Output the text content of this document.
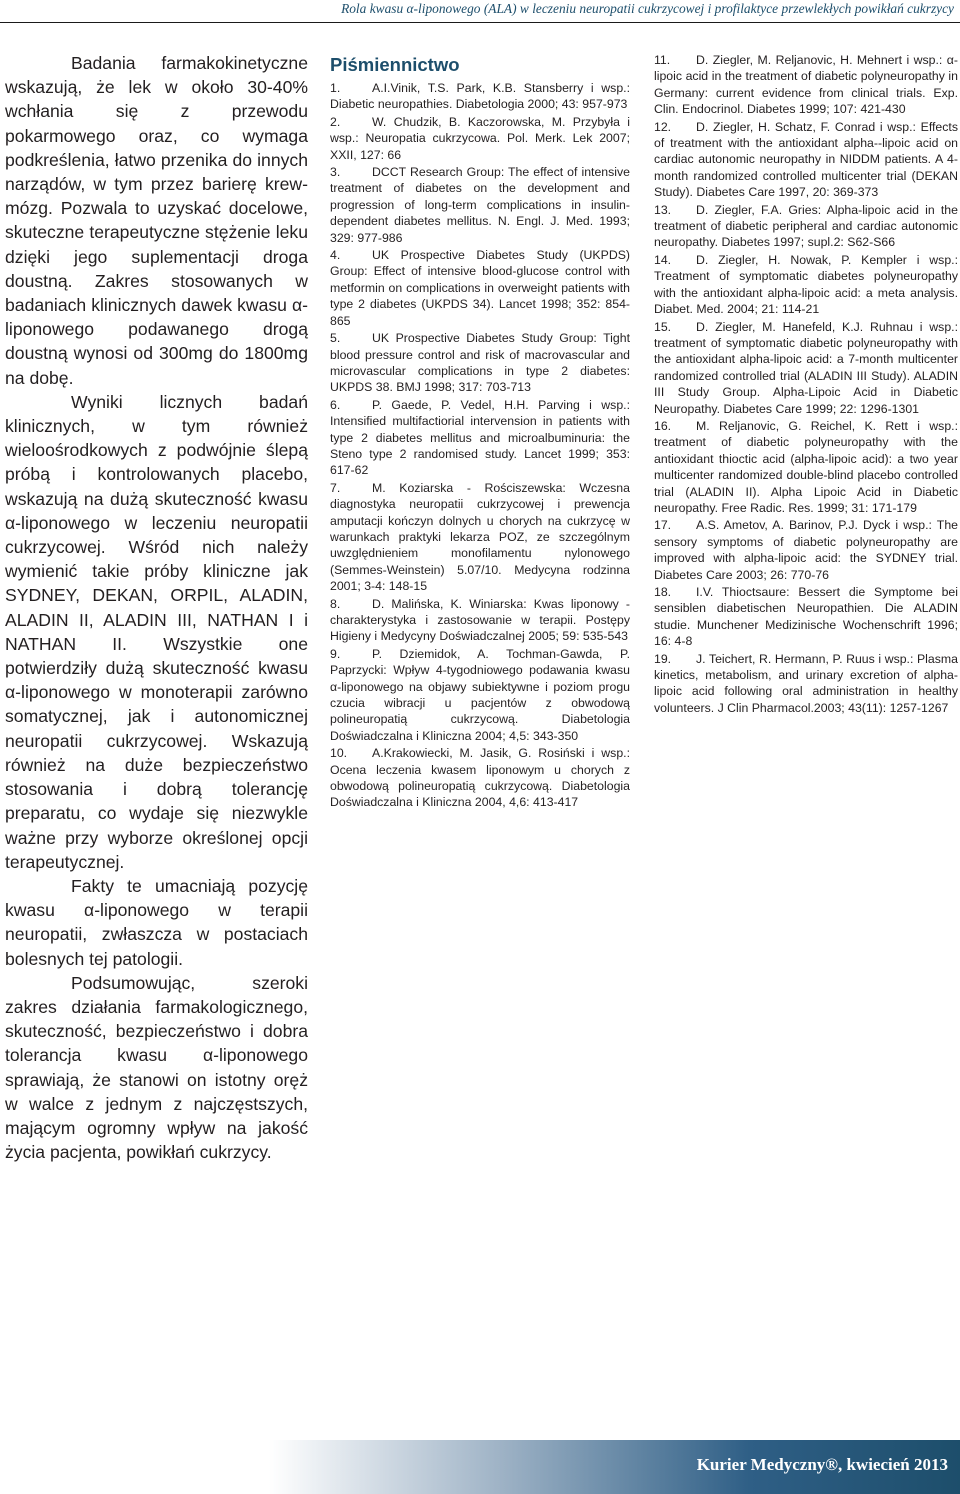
Rola kwasu α-liponowego (ALA) w leczeniu neuropatii cukrzycowej i profilaktyce przewlekłych powikłań cukrzycy

Badania farmakokinetyczne wskazują, że lek w około 30-40% wchłania się z przewodu pokarmowego oraz, co wymaga podkreślenia, łatwo przenika do innych narządów, w tym przez barierę krew-mózg. Pozwala to uzyskać docelowe, skuteczne terapeutyczne stężenie leku dzięki jego suplementacji droga doustną. Zakres stosowanych w badaniach klinicznych dawek kwasu α-liponowego podawanego drogą doustną wynosi od 300mg do 1800mg na dobę.

Wyniki licznych badań klinicznych, w tym również wieloośrodkowych z podwójnie ślepą próbą i kontrolowanych placebo, wskazują na dużą skuteczność kwasu α-liponowego w leczeniu neuropatii cukrzycowej. Wśród nich należy wymienić takie próby kliniczne jak SYDNEY, DEKAN, ORPIL, ALADIN, ALADIN II, ALADIN III, NATHAN I i NATHAN II. Wszystkie one potwierdziły dużą skuteczność kwasu α-liponowego w monoterapii zarówno somatycznej, jak i autonomicznej neuropatii cukrzycowej. Wskazują również na duże bezpieczeństwo stosowania i dobrą tolerancję preparatu, co wydaje się niezwykle ważne przy wyborze określonej opcji terapeutycznej.

Fakty te umacniają pozycję kwasu α-liponowego w terapii neuropatii, zwłaszcza w postaciach bolesnych tej patologii.

Podsumowując, szeroki zakres działania farmakologicznego, skuteczność, bezpieczeństwo i dobra tolerancja kwasu α-liponowego sprawiają, że stanowi on istotny oręż w walce z jednym z najczęstszych, mającym ogromny wpływ na jakość życia pacjenta, powikłań cukrzycy.

Piśmiennictwo
1.	A.I.Vinik, T.S. Park, K.B. Stansberry i wsp.: Diabetic neuropathies. Diabetologia 2000; 43: 957-973
2.	W. Chudzik, B. Kaczorowska, M. Przybyła i wsp.: Neuropatia cukrzycowa. Pol. Merk. Lek 2007; XXII, 127: 66
3.	DCCT Research Group: The effect of intensive treatment of diabetes on the development and progression of long-term complications in insulin-dependent diabetes mellitus. N. Engl. J. Med. 1993; 329: 977-986
4.	UK Prospective Diabetes Study (UKPDS) Group: Effect of intensive blood-glucose control with metformin on complications in overweight patients with type 2 diabetes (UKPDS 34). Lancet 1998; 352: 854-865
5.	UK Prospective Diabetes Study Group: Tight blood pressure control and risk of macrovascular and microvascular complications in type 2 diabetes: UKPDS 38. BMJ 1998; 317: 703-713
6.	P. Gaede, P. Vedel, H.H. Parving i wsp.: Intensified multifactiorial intervension in patients with type 2 diabetes mellitus and microalbuminuria: the Steno type 2 randomised study. Lancet 1999; 353: 617-62
7.	M. Koziarska - Rościszewska: Wczesna diagnostyka neuropatii cukrzycowej i prewencja amputacji kończyn dolnych u chorych na cukrzycę w warunkach praktyki lekarza POZ, ze szczególnym uwzględnieniem monofilamentu nylonowego (Semmes-Weinstein) 5.07/10. Medycyna rodzinna 2001; 3-4: 148-15
8.	D. Malińska, K. Winiarska: Kwas liponowy - charakterystyka i zastosowanie w terapii. Postępy Higieny i Medycyny Doświadczalnej 2005; 59: 535-543
9.	P. Dziemidok, A. Tochman-Gawda, P. Paprzycki: Wpływ 4-tygodniowego podawania kwasu α-liponowego na objawy subiektywne i poziom progu czucia wibracji u pacjentów z obwodową polineuropatią cukrzycową. Diabetologia Doświadczalna i Kliniczna 2004; 4,5: 343-350
10. A.Krakowiecki, M. Jasik, G. Rosiński i wsp.: Ocena leczenia kwasem liponowym u chorych z obwodową polineuropatią cukrzycową. Diabetologia Doświadczalna i Kliniczna 2004, 4,6: 413-417
11. D. Ziegler, M. Reljanovic, H. Mehnert i wsp.: α-lipoic acid in the treatment of diabetic polyneuropathy in Germany: current evidence from clinical trials. Exp. Clin. Endocrinol. Diabetes 1999; 107: 421-430
12. D. Ziegler, H. Schatz, F. Conrad i wsp.: Effects of treatment with the antioxidant alpha--lipoic acid on cardiac autonomic neuropathy in NIDDM patients. A 4-month randomized controlled multicenter trial (DEKAN Study). Diabetes Care 1997, 20: 369-373
13. D. Ziegler, F.A. Gries: Alpha-lipoic acid in the treatment of diabetic peripheral and cardiac autonomic neuropathy. Diabetes 1997; supl.2: S62-S66
14. D. Ziegler, H. Nowak, P. Kempler i wsp.: Treatment of symptomatic diabetes polyneuropathy with the antioxidant alpha-lipoic acid: a meta analysis. Diabet. Med. 2004; 21: 114-21
15. D. Ziegler, M. Hanefeld, K.J. Ruhnau i wsp.: treatment of symptomatic diabetic polyneuropathy with the antioxidant alpha-lipoic acid: a 7-month multicenter randomized controlled trial (ALADIN III Study). ALADIN III Study Group. Alpha-Lipoic Acid in Diabetic Neuropathy. Diabetes Care 1999; 22: 1296-1301
16. M. Reljanovic, G. Reichel, K. Rett i wsp.: treatment of diabetic polyneuropathy with the antioxidant thioctic acid (alpha-lipoic acid): a two year multicenter randomized double-blind placebo controlled trial (ALADIN II). Alpha Lipoic Acid in Diabetic neuropathy. Free Radic. Res. 1999; 31: 171-179
17. A.S. Ametov, A. Barinov, P.J. Dyck i wsp.: The sensory symptoms of diabetic polyneuropathy are improved with alpha-lipoic acid: the SYDNEY trial. Diabetes Care 2003; 26: 770-76
18. I.V. Thioctsaure: Bessert die Symptome bei sensiblen diabetischen Neuropathien. Die ALADIN studie. Munchener Medizinische Wochenschrift 1996; 16: 4-8
19. J. Teichert, R. Hermann, P. Ruus i wsp.: Plasma kinetics, metabolism, and urinary excretion of alpha-lipoic acid following oral administration in healthy volunteers. J Clin Pharmacol.2003; 43(11): 1257-1267
Kurier Medyczny®, kwiecień 2013
